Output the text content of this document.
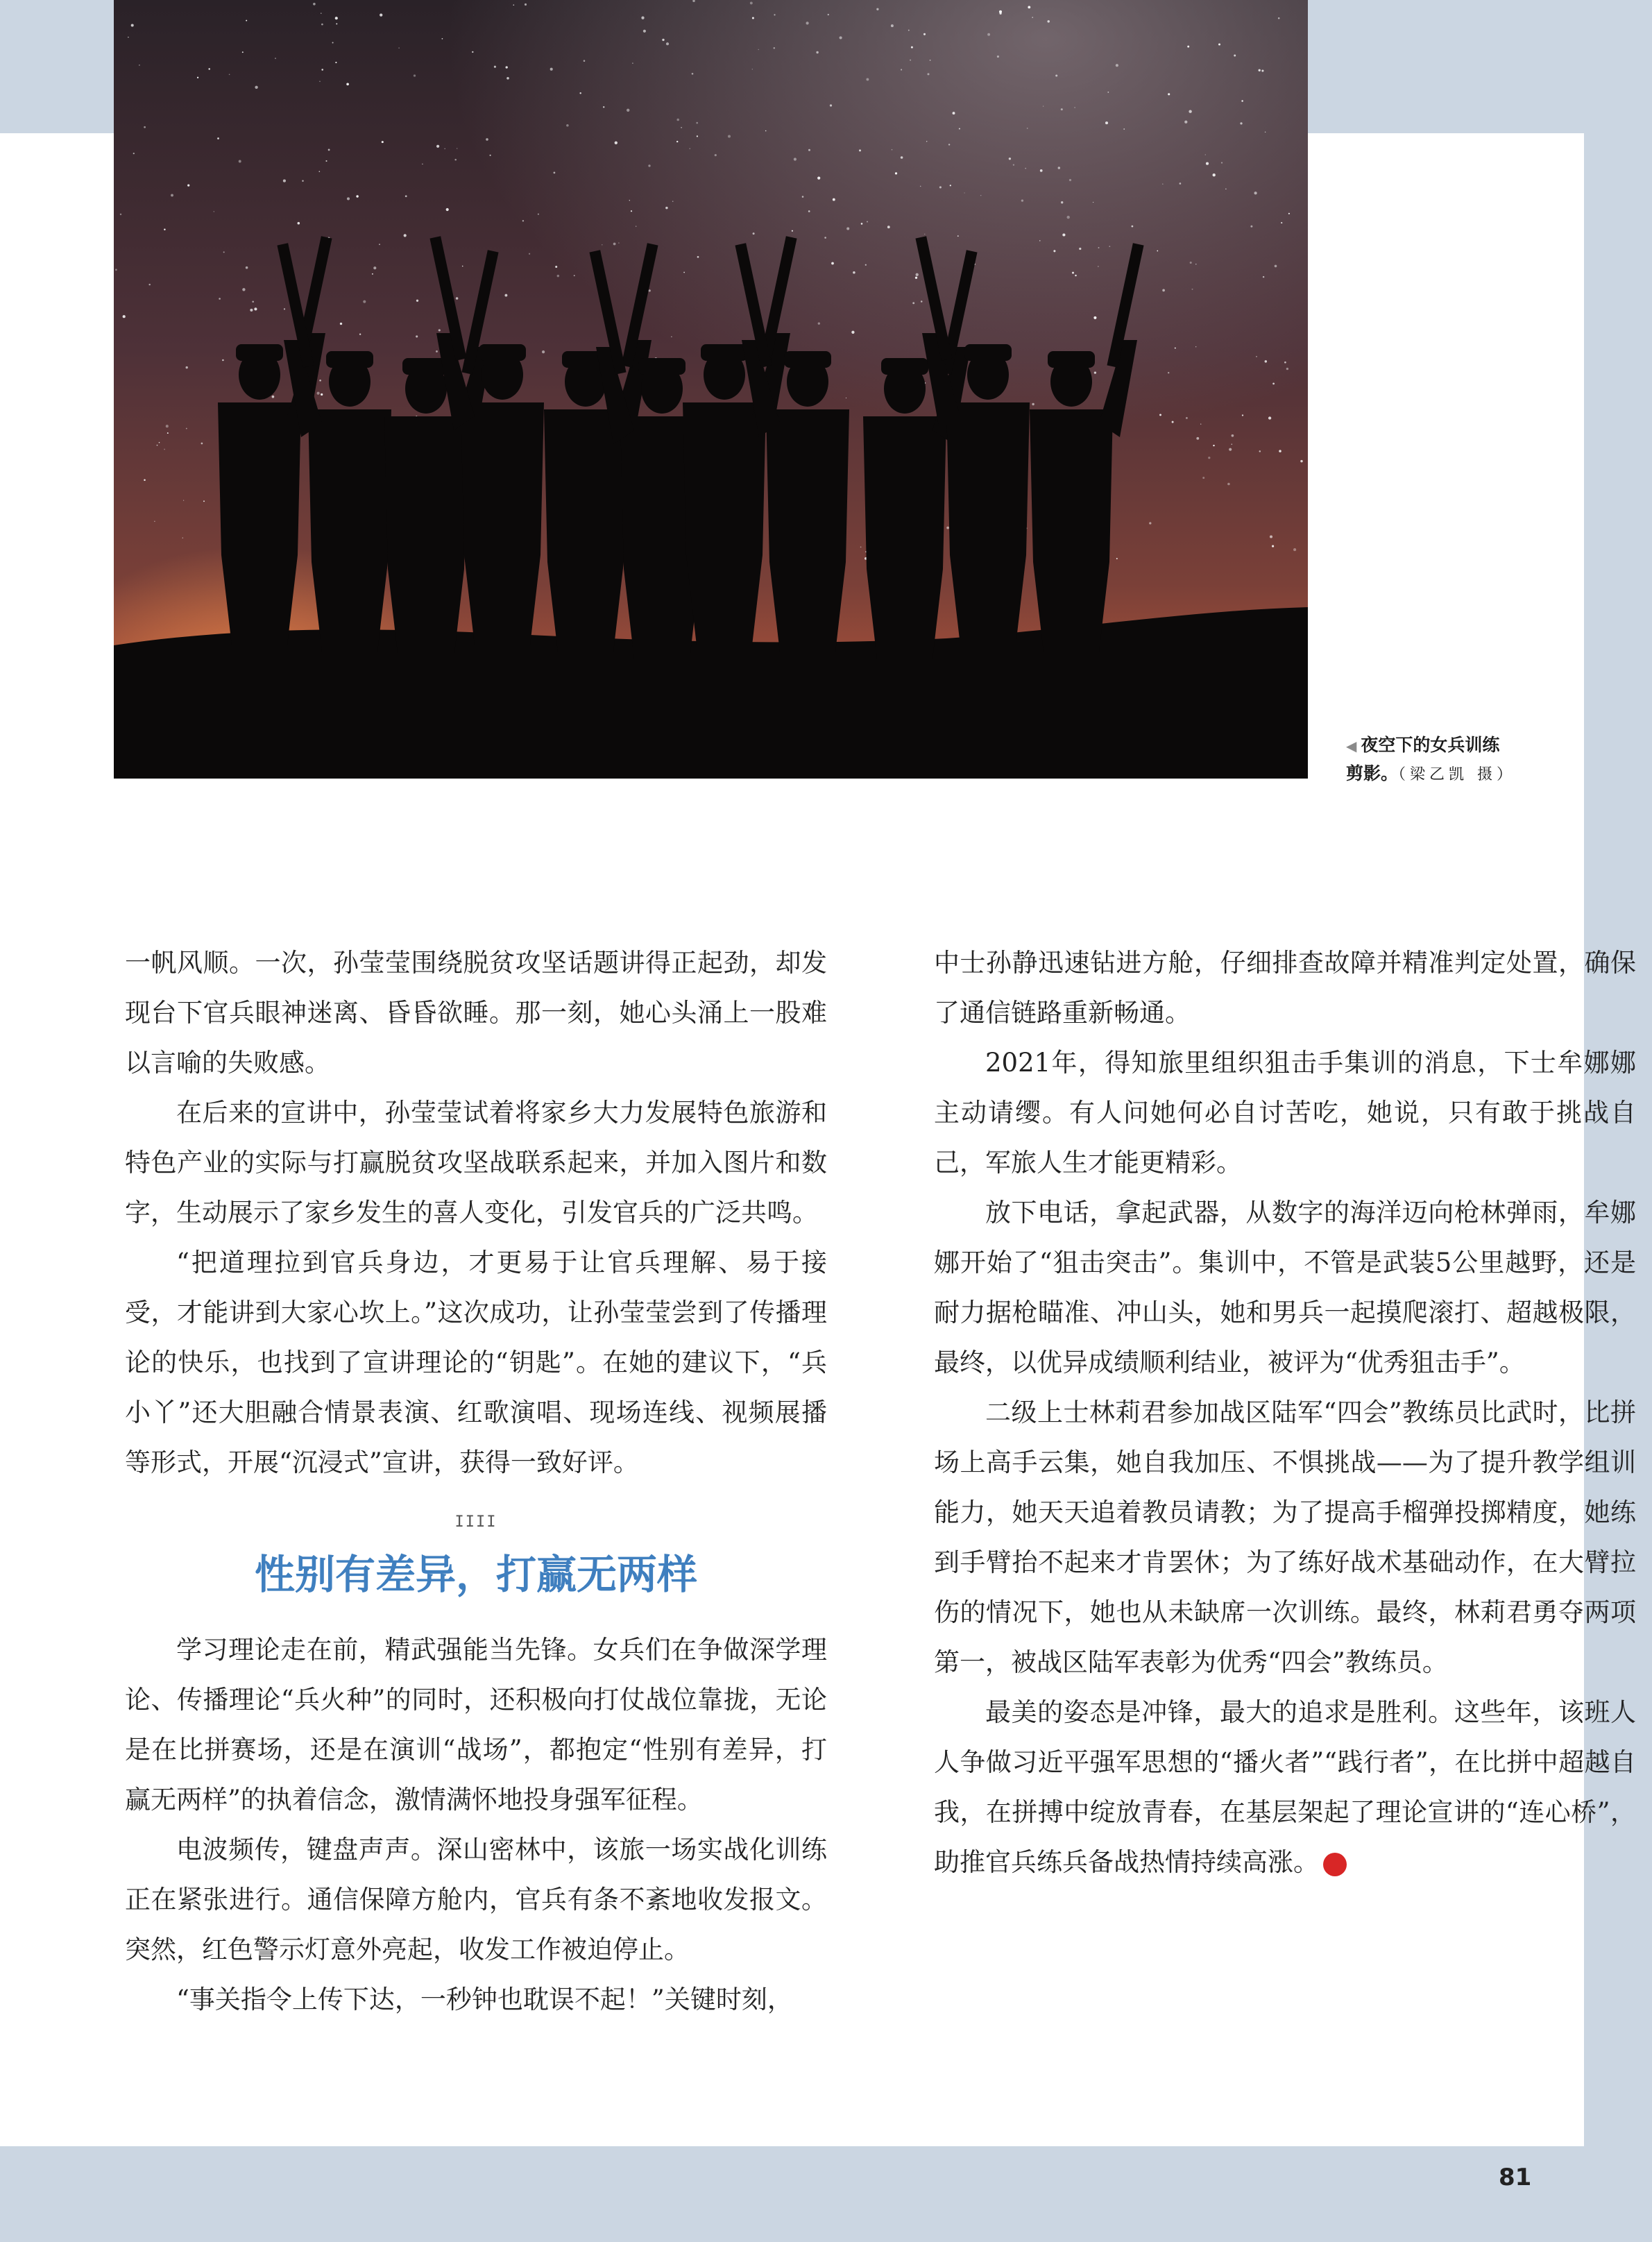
◀ 夜空下的女兵训练
剪影。（梁乙凯 摄）

一帆风顺。一次，孙莹莹围绕脱贫攻坚话题讲得正起劲，却发现台下官兵眼神迷离、昏昏欲睡。那一刻，她心头涌上一股难以言喻的失败感。

在后来的宣讲中，孙莹莹试着将家乡大力发展特色旅游和特色产业的实际与打赢脱贫攻坚战联系起来，并加入图片和数字，生动展示了家乡发生的喜人变化，引发官兵的广泛共鸣。

“把道理拉到官兵身边，才更易于让官兵理解、易于接受，才能讲到大家心坎上。”这次成功，让孙莹莹尝到了传播理论的快乐，也找到了宣讲理论的“钥匙”。在她的建议下，“兵小丫”还大胆融合情景表演、红歌演唱、现场连线、视频展播等形式，开展“沉浸式”宣讲，获得一致好评。

IIII
性别有差异，打赢无两样

学习理论走在前，精武强能当先锋。女兵们在争做深学理论、传播理论“兵火种”的同时，还积极向打仗战位靠拢，无论是在比拼赛场，还是在演训“战场”，都抱定“性别有差异，打赢无两样”的执着信念，激情满怀地投身强军征程。

电波频传，键盘声声。深山密林中，该旅一场实战化训练正在紧张进行。通信保障方舱内，官兵有条不紊地收发报文。突然，红色警示灯意外亮起，收发工作被迫停止。

“事关指令上传下达，一秒钟也耽误不起！”关键时刻，

中士孙静迅速钻进方舱，仔细排查故障并精准判定处置，确保了通信链路重新畅通。

2021年，得知旅里组织狙击手集训的消息，下士牟娜娜主动请缨。有人问她何必自讨苦吃，她说，只有敢于挑战自己，军旅人生才能更精彩。

放下电话，拿起武器，从数字的海洋迈向枪林弹雨，牟娜娜开始了“狙击突击”。集训中，不管是武装5公里越野，还是耐力据枪瞄准、冲山头，她和男兵一起摸爬滚打、超越极限，最终，以优异成绩顺利结业，被评为“优秀狙击手”。

二级上士林莉君参加战区陆军“四会”教练员比武时，比拼场上高手云集，她自我加压、不惧挑战——为了提升教学组训能力，她天天追着教员请教；为了提高手榴弹投掷精度，她练到手臂抬不起来才肯罢休；为了练好战术基础动作，在大臂拉伤的情况下，她也从未缺席一次训练。最终，林莉君勇夺两项第一，被战区陆军表彰为优秀“四会”教练员。

最美的姿态是冲锋，最大的追求是胜利。这些年，该班人人争做习近平强军思想的“播火者”“践行者”，在比拼中超越自我，在拼搏中绽放青春，在基层架起了理论宣讲的“连心桥”，助推官兵练兵备战热情持续高涨。	N

81
